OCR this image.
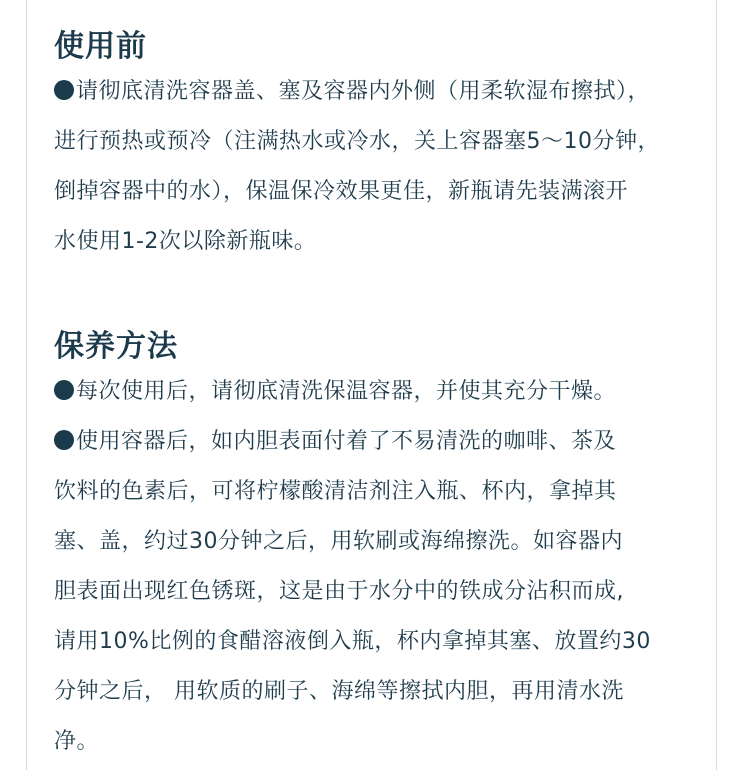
使用前
请彻底清洗容器盖、塞及容器内外侧（用柔软湿布擦拭），
进行预热或预冷（注满热水或冷水，关上容器塞5～10分钟，
倒掉容器中的水），保温保冷效果更佳，新瓶请先装满滚开
水使用1-2次以除新瓶味。
保养方法
每次使用后，请彻底清洗保温容器，并使其充分干燥。
使用容器后，如内胆表面付着了不易清洗的咖啡、茶及
饮料的色素后，可将柠檬酸清洁剂注入瓶、杯内，拿掉其
塞、盖，约过30分钟之后，用软刷或海绵擦洗。如容器内
胆表面出现红色锈斑，这是由于水分中的铁成分沾积而成,
请用10%比例的食醋溶液倒入瓶，杯内拿掉其塞、放置约30
分钟之后， 用软质的刷子、海绵等擦拭内胆，再用清水洗
净。
